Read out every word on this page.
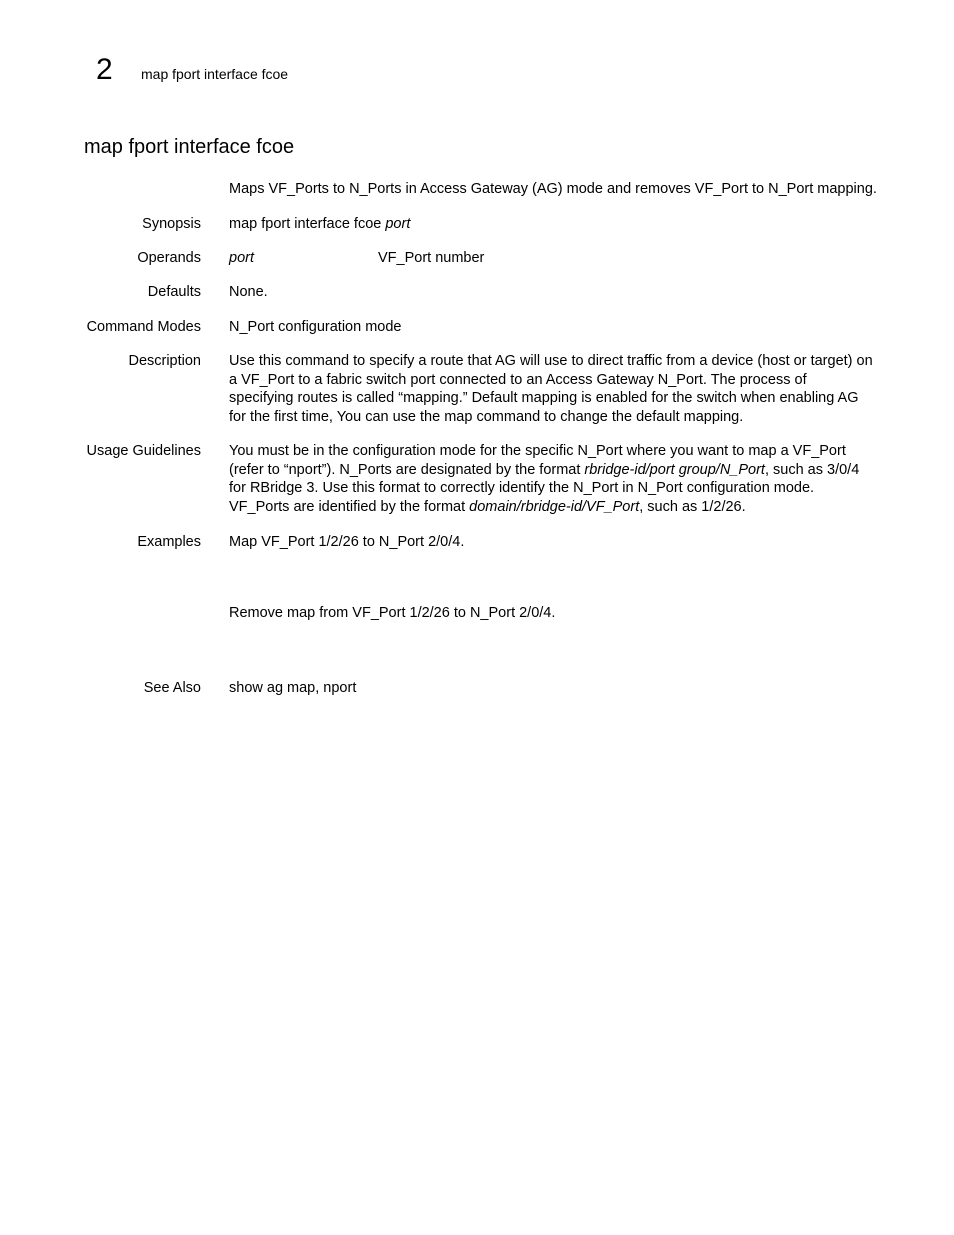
2 map fport interface fcoe
map fport interface fcoe
Maps VF_Ports to N_Ports in Access Gateway (AG) mode and removes VF_Port to N_Port mapping.
Synopsis map fport interface fcoe port
Operands port	VF_Port number
Defaults None.
Command Modes N_Port configuration mode
Description Use this command to specify a route that AG will use to direct traffic from a device (host or target) on a VF_Port to a fabric switch port connected to an Access Gateway N_Port. The process of specifying routes is called “mapping.” Default mapping is enabled for the switch when enabling AG for the first time, You can use the map command to change the default mapping.
Usage Guidelines You must be in the configuration mode for the specific N_Port where you want to map a VF_Port (refer to “nport”). N_Ports are designated by the format rbridge-id/port group/N_Port, such as 3/0/4 for RBridge 3. Use this format to correctly identify the N_Port in N_Port configuration mode. VF_Ports are identified by the format domain/rbridge-id/VF_Port, such as 1/2/26.
Examples Map VF_Port 1/2/26 to N_Port 2/0/4.
Remove map from VF_Port 1/2/26 to N_Port 2/0/4.
See Also show ag map, nport
